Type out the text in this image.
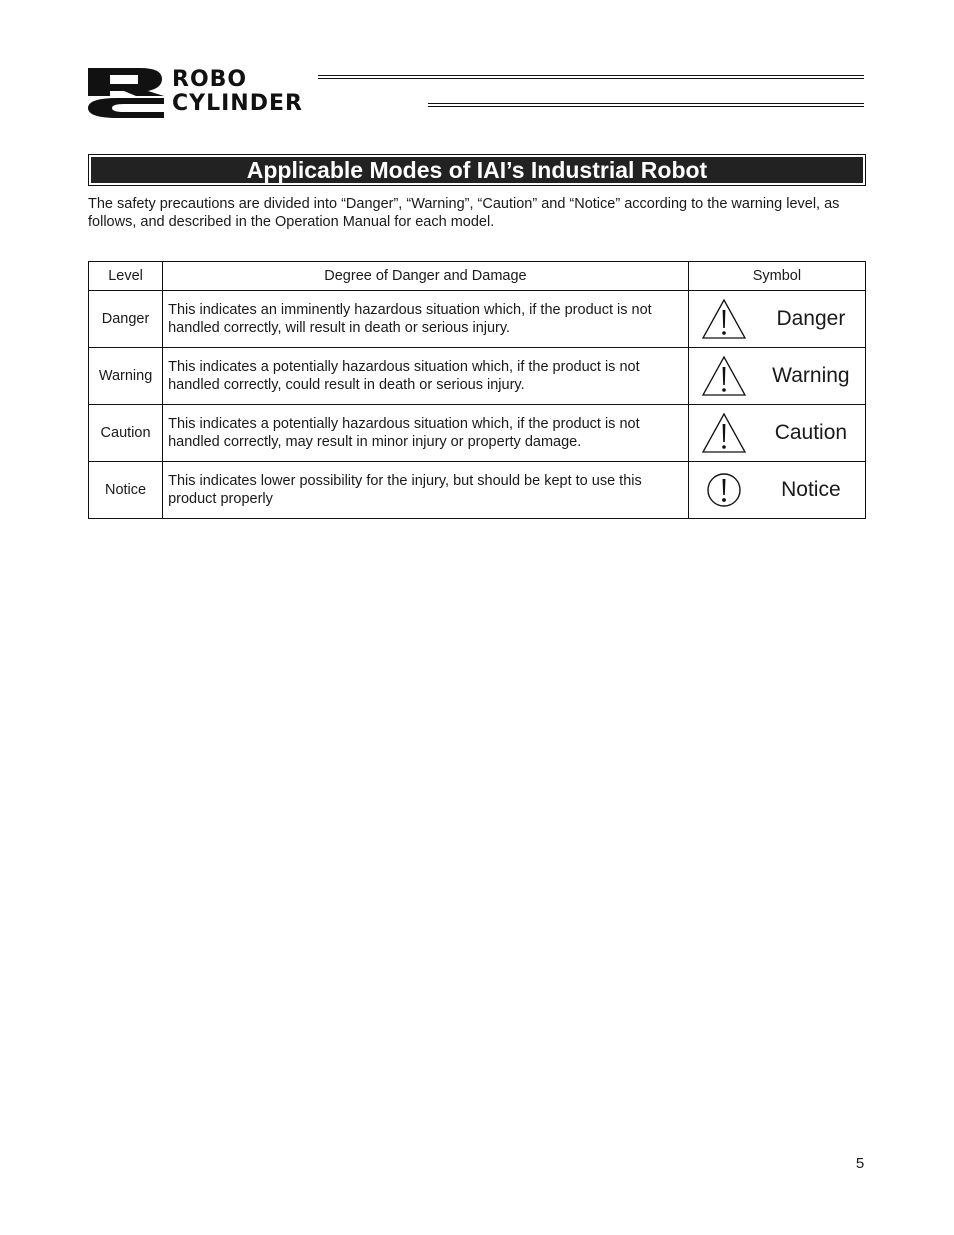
ROBO
CYLINDER
Applicable Modes of IAI’s Industrial Robot

The safety precautions are divided into “Danger”, “Warning”, “Caution” and “Notice” according to the warning level, as follows, and described in the Operation Manual for each model.

Level	Degree of Danger and Damage	Symbol
Danger	This indicates an imminently hazardous situation which, if the product is not handled correctly, will result in death or serious injury.	Danger

Warning	This indicates a potentially hazardous situation which, if the product is not handled correctly, could result in death or serious injury.	Warning

Caution	This indicates a potentially hazardous situation which, if the product is not handled correctly, may result in minor injury or property damage.	Caution

Notice	This indicates lower possibility for the injury, but should be kept to use this product properly	Notice
5
